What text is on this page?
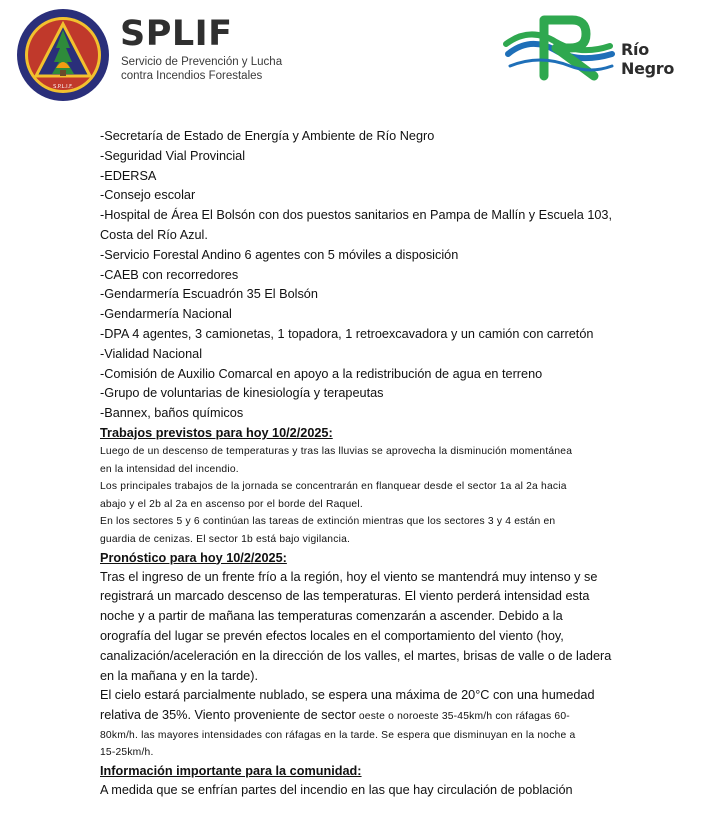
S.P.L.I.F.
SPLIF
Servicio de Prevención y Lucha
contra Incendios Forestales
Río
Negro
-Secretaría de Estado de Energía y Ambiente de Río Negro
-Seguridad Vial Provincial
-EDERSA
-Consejo escolar
-Hospital de Área El Bolsón con dos puestos sanitarios en Pampa de Mallín y Escuela 103,
Costa del Río Azul.
-Servicio Forestal Andino 6 agentes con 5 móviles a disposición
-CAEB con recorredores
-Gendarmería Escuadrón 35 El Bolsón
-Gendarmería Nacional
-DPA 4 agentes, 3 camionetas, 1 topadora, 1 retroexcavadora y un camión con carretón
-Vialidad Nacional
-Comisión de Auxilio Comarcal en apoyo a la redistribución de agua en terreno
-Grupo de voluntarias de kinesiología y terapeutas
-Bannex, baños químicos
Trabajos previstos para hoy 10/2/2025:
Luego de un descenso de temperaturas y tras las lluvias se aprovecha la disminución momentánea
en la intensidad del incendio.
Los principales trabajos de la jornada se concentrarán en flanquear desde el sector 1a al 2a hacia
abajo y el 2b al 2a en ascenso por el borde del Raquel.
En los sectores 5 y 6 continúan las tareas de extinción mientras que los sectores 3 y 4 están en
guardia de cenizas. El sector 1b está bajo vigilancia.
Pronóstico para hoy 10/2/2025:
Tras el ingreso de un frente frío a la región, hoy el viento se mantendrá muy intenso y se
registrará un marcado descenso de las temperaturas. El viento perderá intensidad esta
noche y a partir de mañana las temperaturas comenzarán a ascender. Debido a la
orografía del lugar se prevén efectos locales en el comportamiento del viento (hoy,
canalización/aceleración en la dirección de los valles, el martes, brisas de valle o de ladera
en la mañana y en la tarde).
El cielo estará parcialmente nublado, se espera una máxima de 20°C con una humedad
relativa de 35%. Viento proveniente de sector oeste o noroeste 35-45km/h con ráfagas 60-
80km/h. las mayores intensidades con ráfagas en la tarde. Se espera que disminuyan en la noche a
15-25km/h.
Información importante para la comunidad:
A medida que se enfrían partes del incendio en las que hay circulación de población
